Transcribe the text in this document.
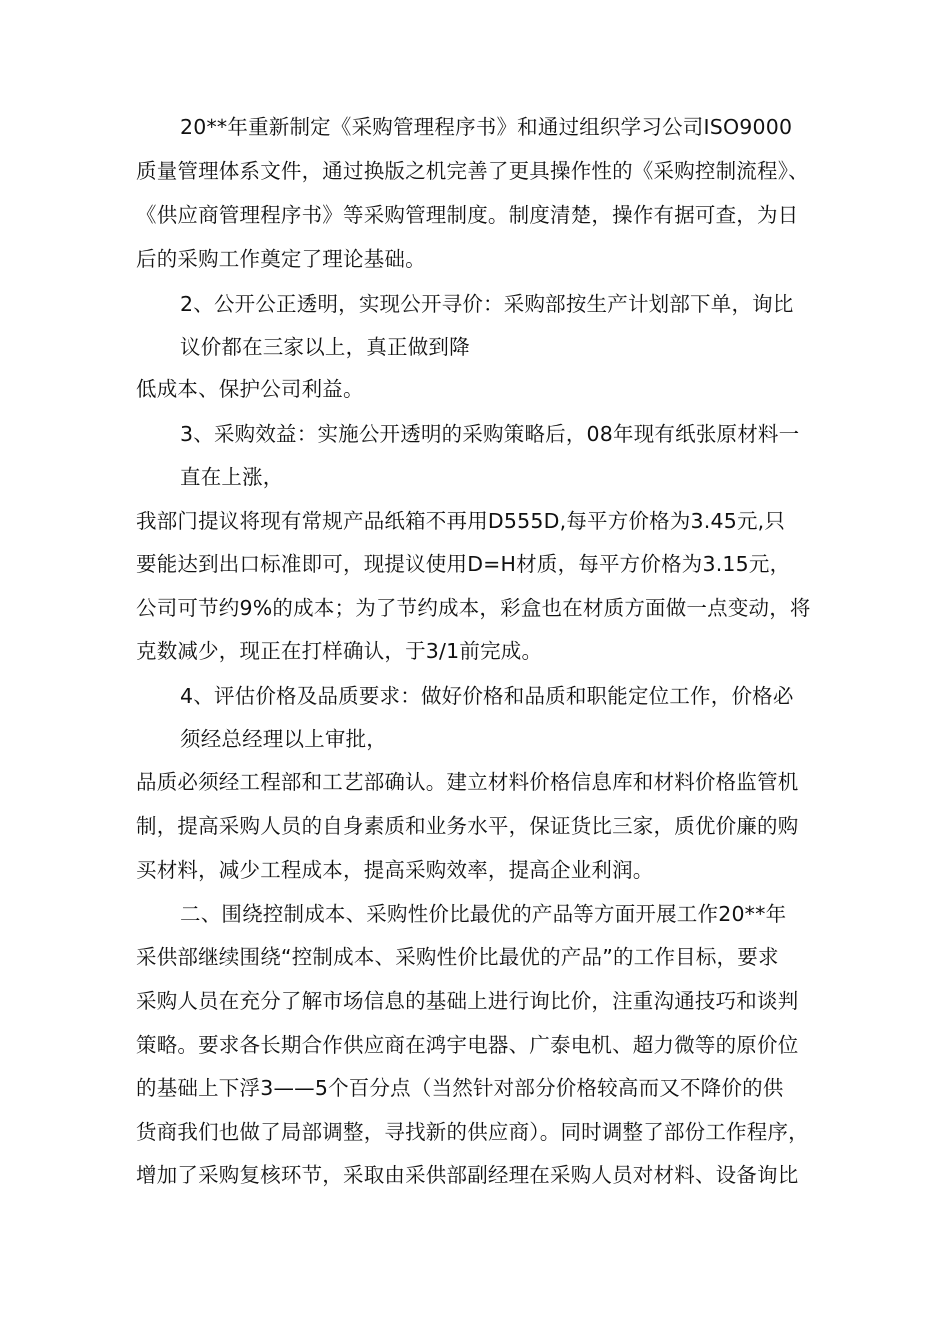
20**年重新制定《采购管理程序书》和通过组织学习公司ISO9000
质量管理体系文件，通过换版之机完善了更具操作性的《采购控制流程》、
《供应商管理程序书》等采购管理制度。制度清楚，操作有据可查，为日
后的采购工作奠定了理论基础。
2、公开公正透明，实现公开寻价：采购部按生产计划部下单，询比
议价都在三家以上，真正做到降
低成本、保护公司利益。
3、采购效益：实施公开透明的采购策略后，08年现有纸张原材料一
直在上涨，
我部门提议将现有常规产品纸箱不再用D555D,每平方价格为3.45元,只
要能达到出口标准即可，现提议使用D=H材质，每平方价格为3.15元，
公司可节约9%的成本；为了节约成本，彩盒也在材质方面做一点变动，将
克数减少，现正在打样确认，于3/1前完成。
4、评估价格及品质要求：做好价格和品质和职能定位工作，价格必
须经总经理以上审批，
品质必须经工程部和工艺部确认。建立材料价格信息库和材料价格监管机
制，提高采购人员的自身素质和业务水平，保证货比三家，质优价廉的购
买材料，减少工程成本，提高采购效率，提高企业利润。
二、围绕控制成本、采购性价比最优的产品等方面开展工作20**年
采供部继续围绕“控制成本、采购性价比最优的产品”的工作目标，要求
采购人员在充分了解市场信息的基础上进行询比价，注重沟通技巧和谈判
策略。要求各长期合作供应商在鸿宇电器、广泰电机、超力微等的原价位
的基础上下浮3——5个百分点（当然针对部分价格较高而又不降价的供
货商我们也做了局部调整，寻找新的供应商）。同时调整了部份工作程序，
增加了采购复核环节，采取由采供部副经理在采购人员对材料、设备询比
